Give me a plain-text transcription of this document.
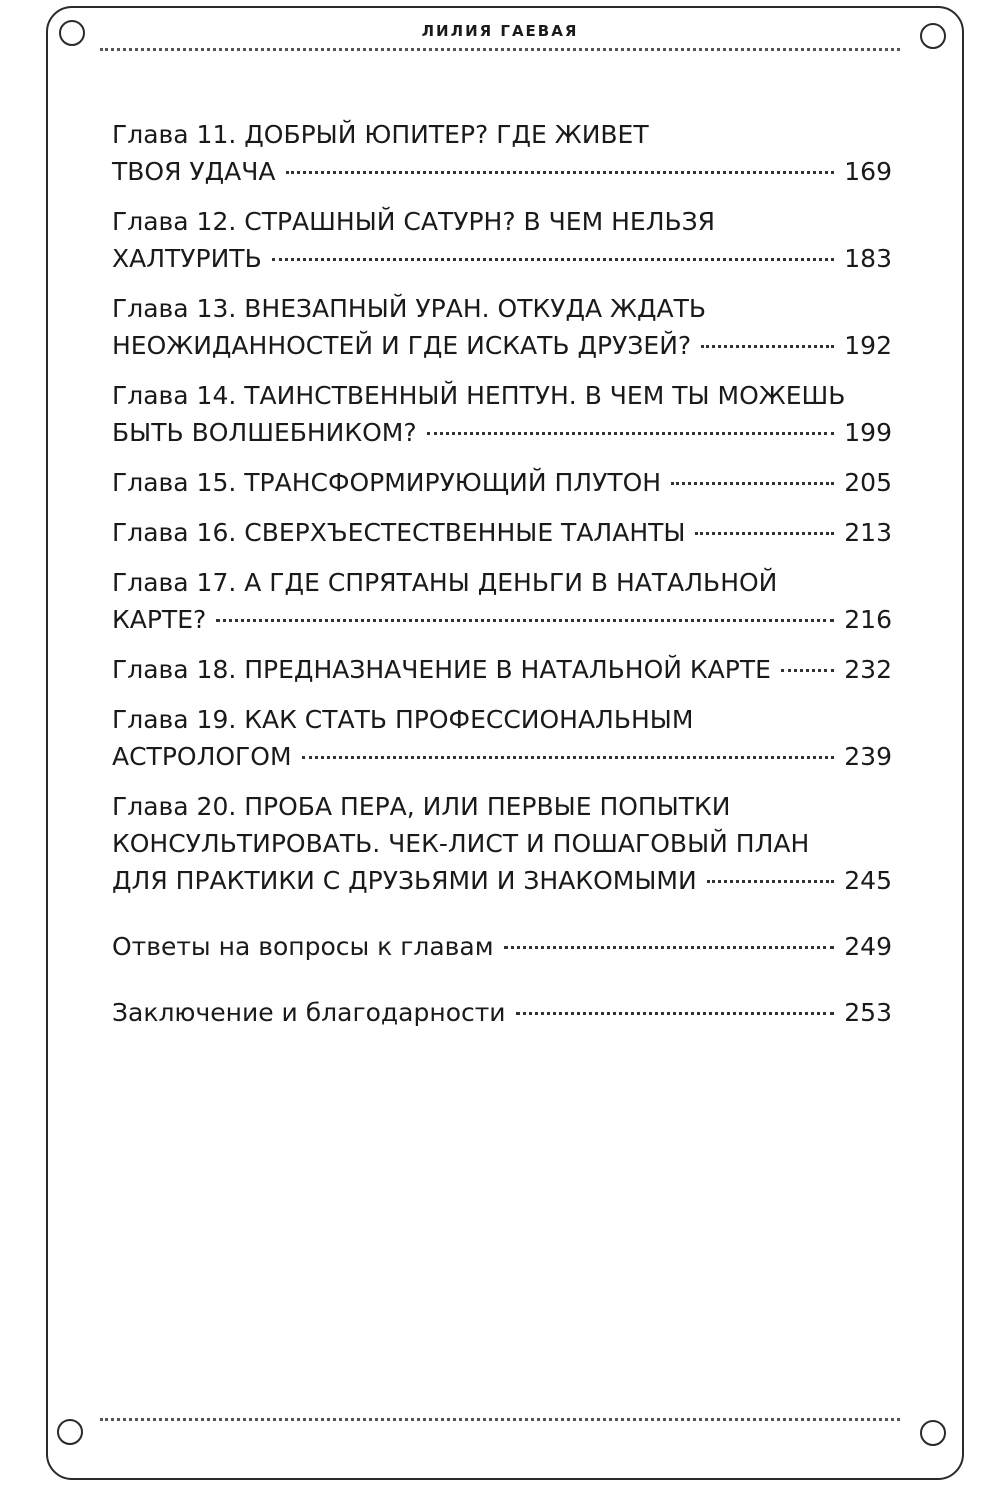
ЛИЛИЯ ГАЕВАЯ
Глава 11. ДОБРЫЙ ЮПИТЕР? ГДЕ ЖИВЕТ
ТВОЯ УДАЧА	169
Глава 12. СТРАШНЫЙ САТУРН? В ЧЕМ НЕЛЬЗЯ
ХАЛТУРИТЬ	183
Глава 13. ВНЕЗАПНЫЙ УРАН. ОТКУДА ЖДАТЬ
НЕОЖИДАННОСТЕЙ И ГДЕ ИСКАТЬ ДРУЗЕЙ?	192
Глава 14. ТАИНСТВЕННЫЙ НЕПТУН. В ЧЕМ ТЫ МОЖЕШЬ
БЫТЬ ВОЛШЕБНИКОМ?	199
Глава 15. ТРАНСФОРМИРУЮЩИЙ ПЛУТОН	205
Глава 16. СВЕРХЪЕСТЕСТВЕННЫЕ ТАЛАНТЫ	213
Глава 17. А ГДЕ СПРЯТАНЫ ДЕНЬГИ В НАТАЛЬНОЙ
КАРТЕ?	216
Глава 18. ПРЕДНАЗНАЧЕНИЕ В НАТАЛЬНОЙ КАРТЕ	232
Глава 19. КАК СТАТЬ ПРОФЕССИОНАЛЬНЫМ
АСТРОЛОГОМ	239
Глава 20. ПРОБА ПЕРА, ИЛИ ПЕРВЫЕ ПОПЫТКИ
КОНСУЛЬТИРОВАТЬ. ЧЕК-ЛИСТ И ПОШАГОВЫЙ ПЛАН
ДЛЯ ПРАКТИКИ С ДРУЗЬЯМИ И ЗНАКОМЫМИ	245
Ответы на вопросы к главам	249
Заключение и благодарности	253
